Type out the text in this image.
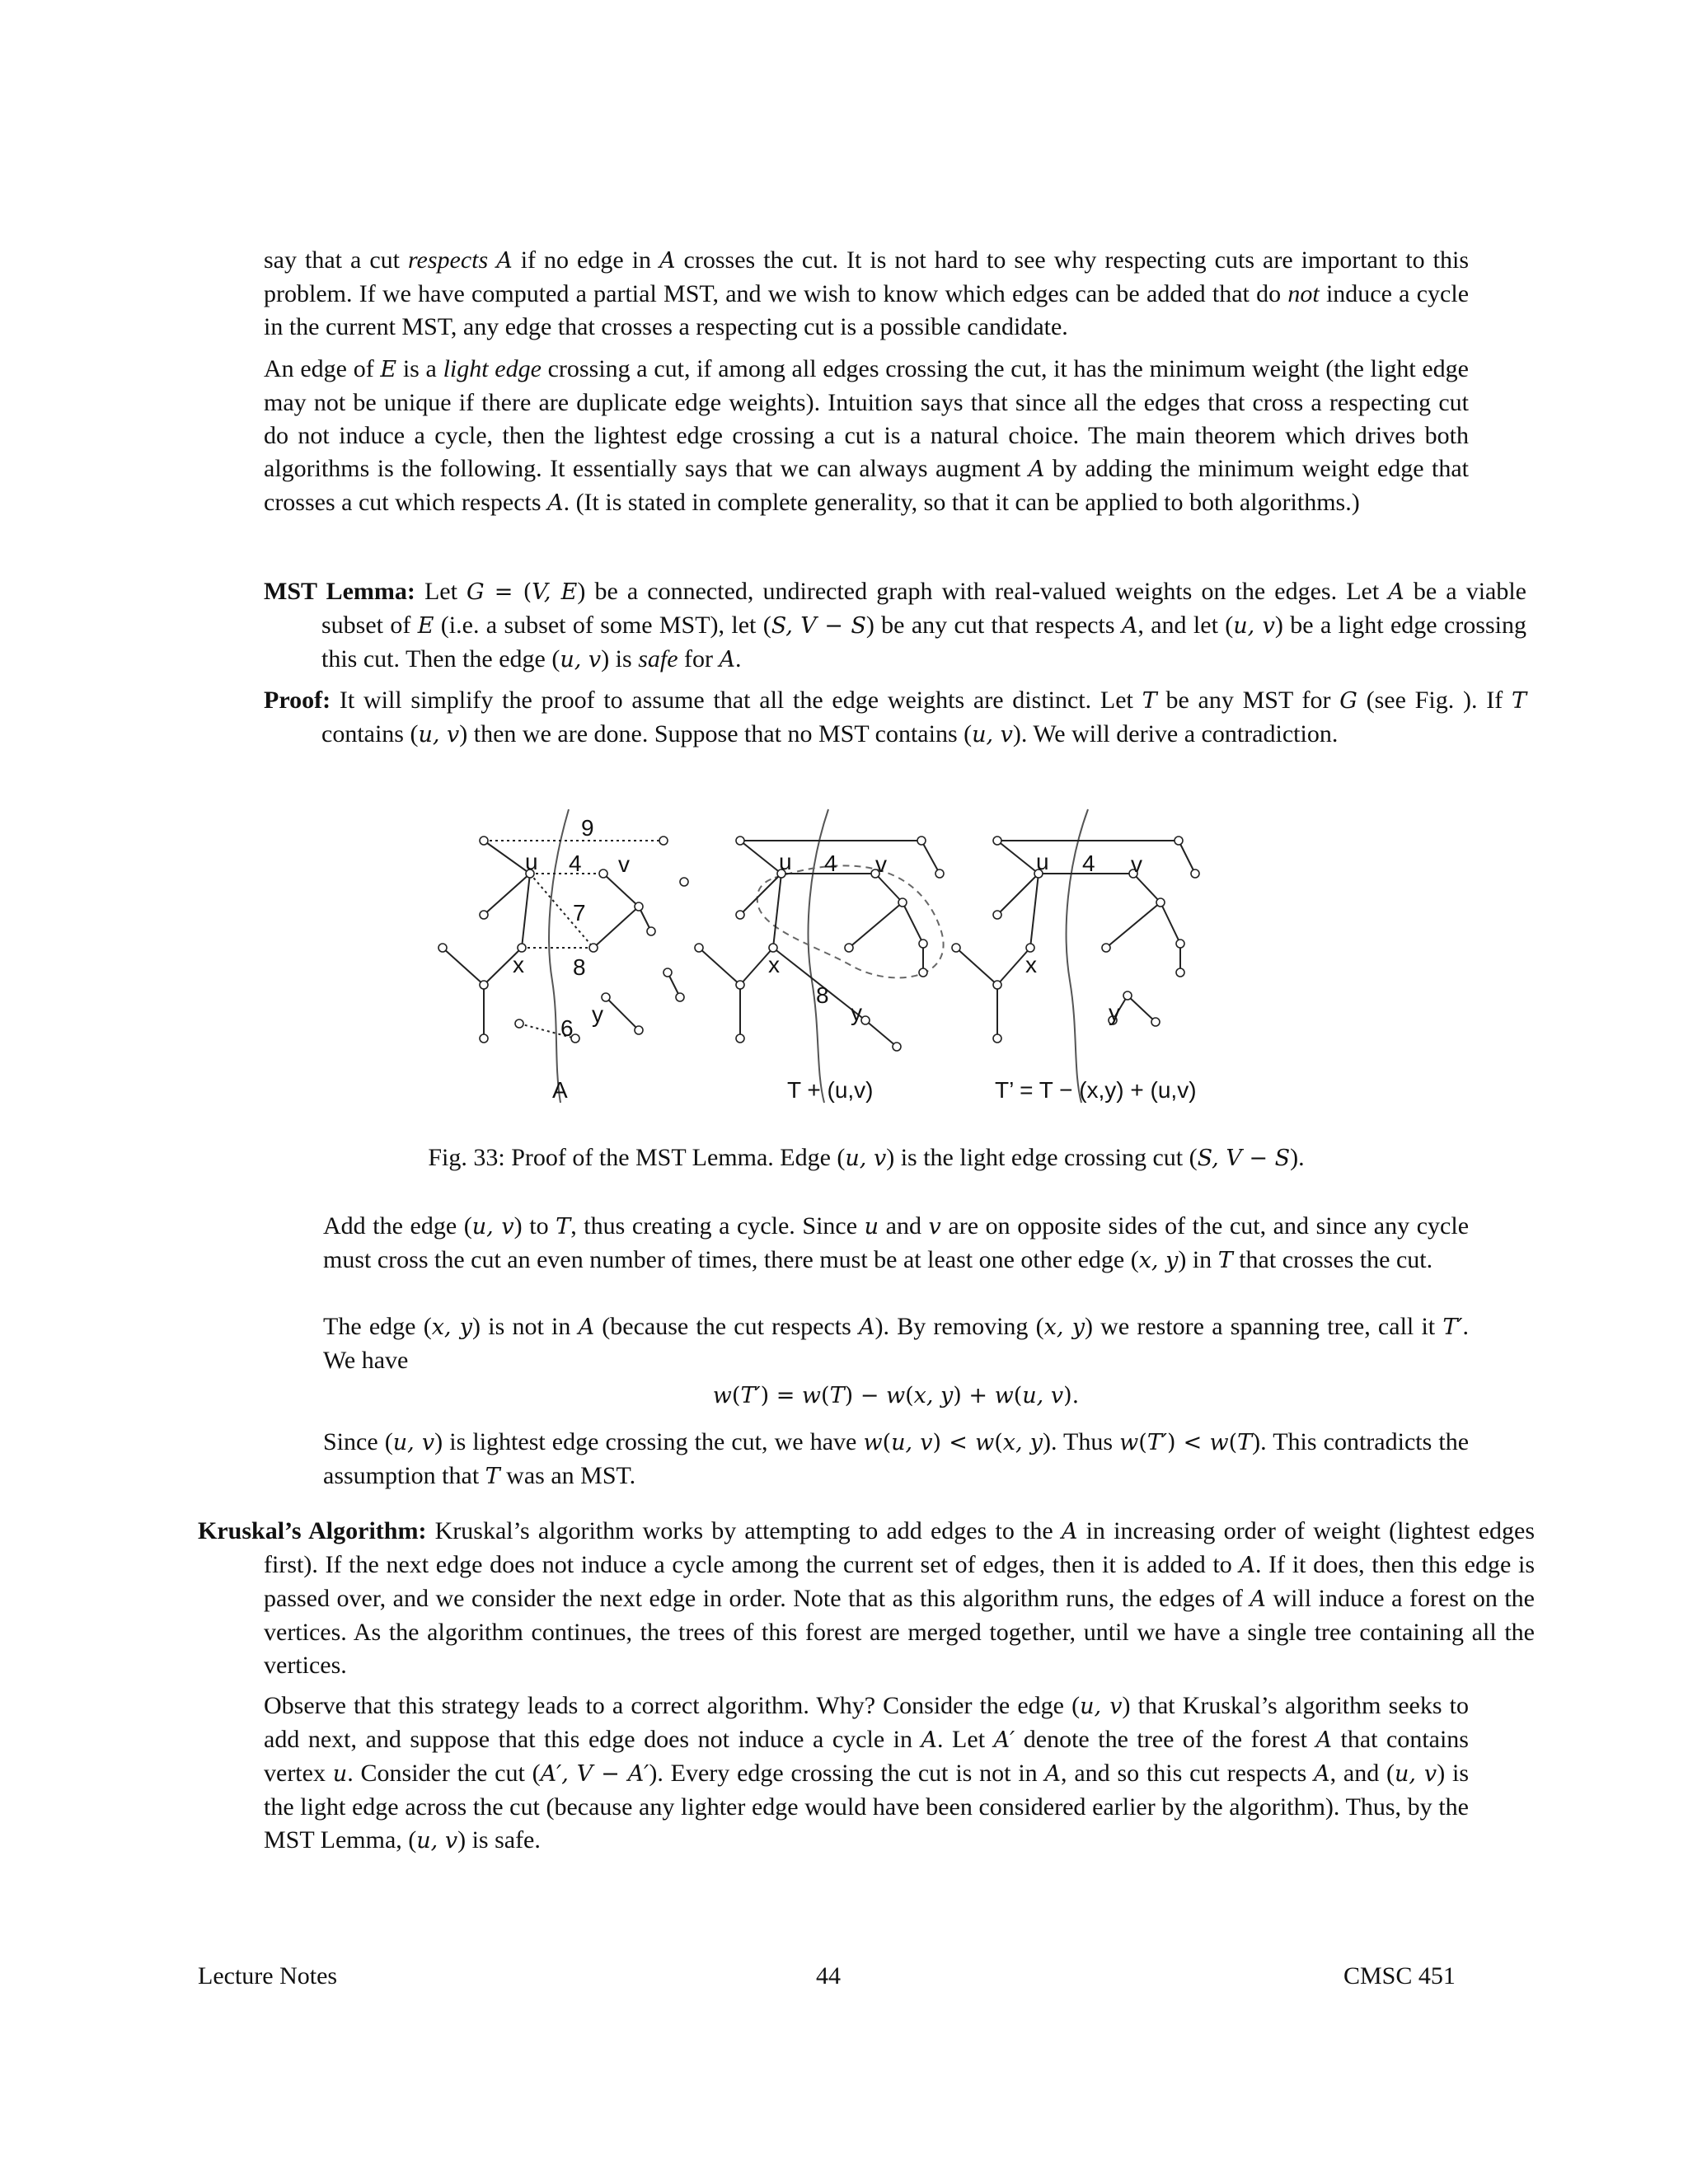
say that a cut respects A if no edge in A crosses the cut. It is not hard to see why respecting cuts are important to this problem. If we have computed a partial MST, and we wish to know which edges can be added that do not induce a cycle in the current MST, any edge that crosses a respecting cut is a possible candidate.

An edge of E is a light edge crossing a cut, if among all edges crossing the cut, it has the minimum weight (the light edge may not be unique if there are duplicate edge weights). Intuition says that since all the edges that cross a respecting cut do not induce a cycle, then the lightest edge crossing a cut is a natural choice. The main theorem which drives both algorithms is the following. It essentially says that we can always augment A by adding the minimum weight edge that crosses a cut which respects A. (It is stated in complete generality, so that it can be applied to both algorithms.)

MST Lemma: Let G = (V, E) be a connected, undirected graph with real-valued weights on the edges. Let A be a viable subset of E (i.e. a subset of some MST), let (S, V − S) be any cut that respects A, and let (u, v) be a light edge crossing this cut. Then the edge (u, v) is safe for A.

Proof: It will simplify the proof to assume that all the edge weights are distinct. Let T be any MST for G (see Fig. ). If T contains (u, v) then we are done. Suppose that no MST contains (u, v). We will derive a contradiction.

9
4
7
8
6
u	v
x
y
4
8
u	v
x
y
4
u	v
x
y
A	T + (u,v)	T’ = T − (x,y) + (u,v)
Fig. 33: Proof of the MST Lemma. Edge (u, v) is the light edge crossing cut (S, V − S).

Add the edge (u, v) to T, thus creating a cycle. Since u and v are on opposite sides of the cut, and since any cycle must cross the cut an even number of times, there must be at least one other edge (x, y) in T that crosses the cut.

The edge (x, y) is not in A (because the cut respects A). By removing (x, y) we restore a spanning tree, call it T′. We have

w(T′) = w(T) − w(x, y) + w(u, v).

Since (u, v) is lightest edge crossing the cut, we have w(u, v) < w(x, y). Thus w(T′) < w(T). This contradicts the assumption that T was an MST.

Kruskal’s Algorithm: Kruskal’s algorithm works by attempting to add edges to the A in increasing order of weight (lightest edges first). If the next edge does not induce a cycle among the current set of edges, then it is added to A. If it does, then this edge is passed over, and we consider the next edge in order. Note that as this algorithm runs, the edges of A will induce a forest on the vertices. As the algorithm continues, the trees of this forest are merged together, until we have a single tree containing all the vertices.

Observe that this strategy leads to a correct algorithm. Why? Consider the edge (u, v) that Kruskal’s algorithm seeks to add next, and suppose that this edge does not induce a cycle in A. Let A′ denote the tree of the forest A that contains vertex u. Consider the cut (A′, V − A′). Every edge crossing the cut is not in A, and so this cut respects A, and (u, v) is the light edge across the cut (because any lighter edge would have been considered earlier by the algorithm). Thus, by the MST Lemma, (u, v) is safe.

Lecture Notes	44	CMSC 451
